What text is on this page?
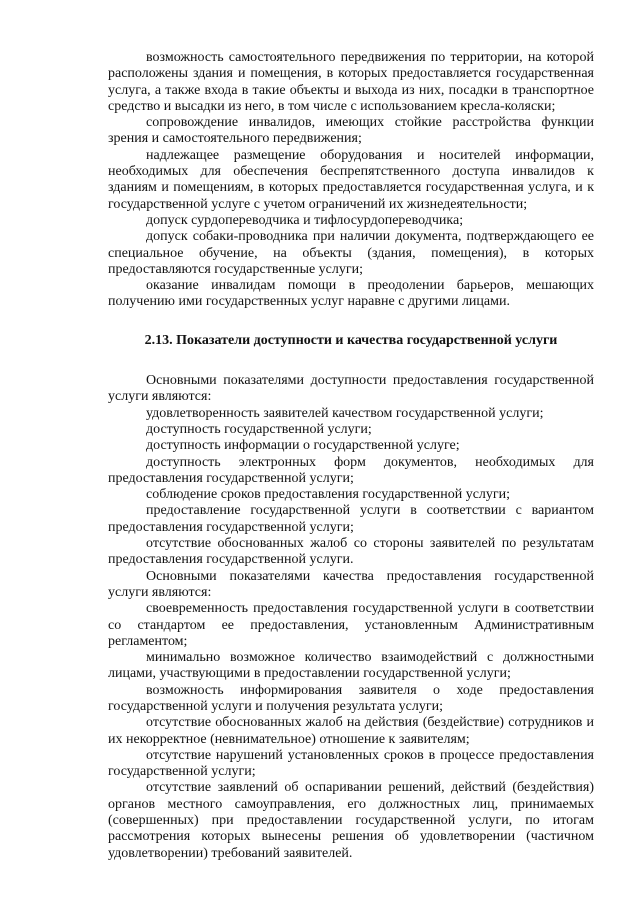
возможность самостоятельного передвижения по территории, на которой расположены здания и помещения, в которых предоставляется государственная услуга, а также входа в такие объекты и выхода из них, посадки в транспортное средство и высадки из него, в том числе с использованием кресла-коляски;

сопровождение инвалидов, имеющих стойкие расстройства функции зрения и самостоятельного передвижения;

надлежащее размещение оборудования и носителей информации, необходимых для обеспечения беспрепятственного доступа инвалидов к зданиям и помещениям, в которых предоставляется государственная услуга, и к государственной услуге с учетом ограничений их жизнедеятельности;

допуск сурдопереводчика и тифлосурдопереводчика;

допуск собаки-проводника при наличии документа, подтверждающего ее специальное обучение, на объекты (здания, помещения), в которых предоставляются государственные услуги;

оказание инвалидам помощи в преодолении барьеров, мешающих получению ими государственных услуг наравне с другими лицами.

2.13. Показатели доступности и качества государственной услуги

Основными показателями доступности предоставления государственной услуги являются:

удовлетворенность заявителей качеством государственной услуги;

доступность государственной услуги;

доступность информации о государственной услуге;

доступность электронных форм документов, необходимых для предоставления государственной услуги;

соблюдение сроков предоставления государственной услуги;

предоставление государственной услуги в соответствии с вариантом предоставления государственной услуги;

отсутствие обоснованных жалоб со стороны заявителей по результатам предоставления государственной услуги.

Основными показателями качества предоставления государственной услуги являются:

своевременность предоставления государственной услуги в соответствии со стандартом ее предоставления, установленным Административным регламентом;

минимально возможное количество взаимодействий с должностными лицами, участвующими в предоставлении государственной услуги;

возможность информирования заявителя о ходе предоставления государственной услуги и получения результата услуги;

отсутствие обоснованных жалоб на действия (бездействие) сотрудников и их некорректное (невнимательное) отношение к заявителям;

отсутствие нарушений установленных сроков в процессе предоставления государственной услуги;

отсутствие заявлений об оспаривании решений, действий (бездействия) органов местного самоуправления, его должностных лиц, принимаемых (совершенных) при предоставлении государственной услуги, по итогам рассмотрения которых вынесены решения об удовлетворении (частичном удовлетворении) требований заявителей.
